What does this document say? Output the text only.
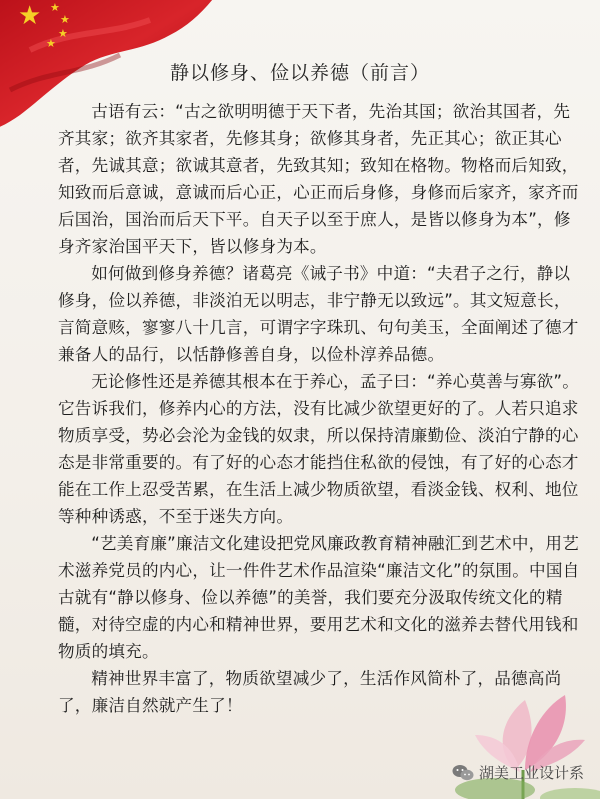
★ ★
★
★
★
静以修身、俭以养德（前言）

古语有云：“古之欲明明德于天下者，先治其国；欲治其国者，先齐其家；欲齐其家者，先修其身；欲修其身者，先正其心；欲正其心者，先诚其意；欲诚其意者，先致其知；致知在格物。物格而后知致，知致而后意诚，意诚而后心正，心正而后身修，身修而后家齐，家齐而后国治，国治而后天下平。自天子以至于庶人，是皆以修身为本”，修身齐家治国平天下，皆以修身为本。

如何做到修身养德？诸葛亮《诫子书》中道：“夫君子之行，静以修身，俭以养德，非淡泊无以明志，非宁静无以致远”。其文短意长，言简意赅，寥寥八十几言，可谓字字珠玑、句句美玉，全面阐述了德才兼备人的品行，以恬静修善自身，以俭朴淳养品德。

无论修性还是养德其根本在于养心，孟子曰：“养心莫善与寡欲”。它告诉我们，修养内心的方法，没有比减少欲望更好的了。人若只追求物质享受，势必会沦为金钱的奴隶，所以保持清廉勤俭、淡泊宁静的心态是非常重要的。有了好的心态才能挡住私欲的侵蚀，有了好的心态才能在工作上忍受苦累，在生活上减少物质欲望，看淡金钱、权利、地位等种种诱惑，不至于迷失方向。

“艺美育廉”廉洁文化建设把党风廉政教育精神融汇到艺术中，用艺术滋养党员的内心，让一件件艺术作品渲染“廉洁文化”的氛围。中国自古就有“静以修身、俭以养德”的美誉，我们要充分汲取传统文化的精髓，对待空虚的内心和精神世界，要用艺术和文化的滋养去替代用钱和物质的填充。

精神世界丰富了，物质欲望减少了，生活作风简朴了，品德高尚了，廉洁自然就产生了！

湖美工业设计系
